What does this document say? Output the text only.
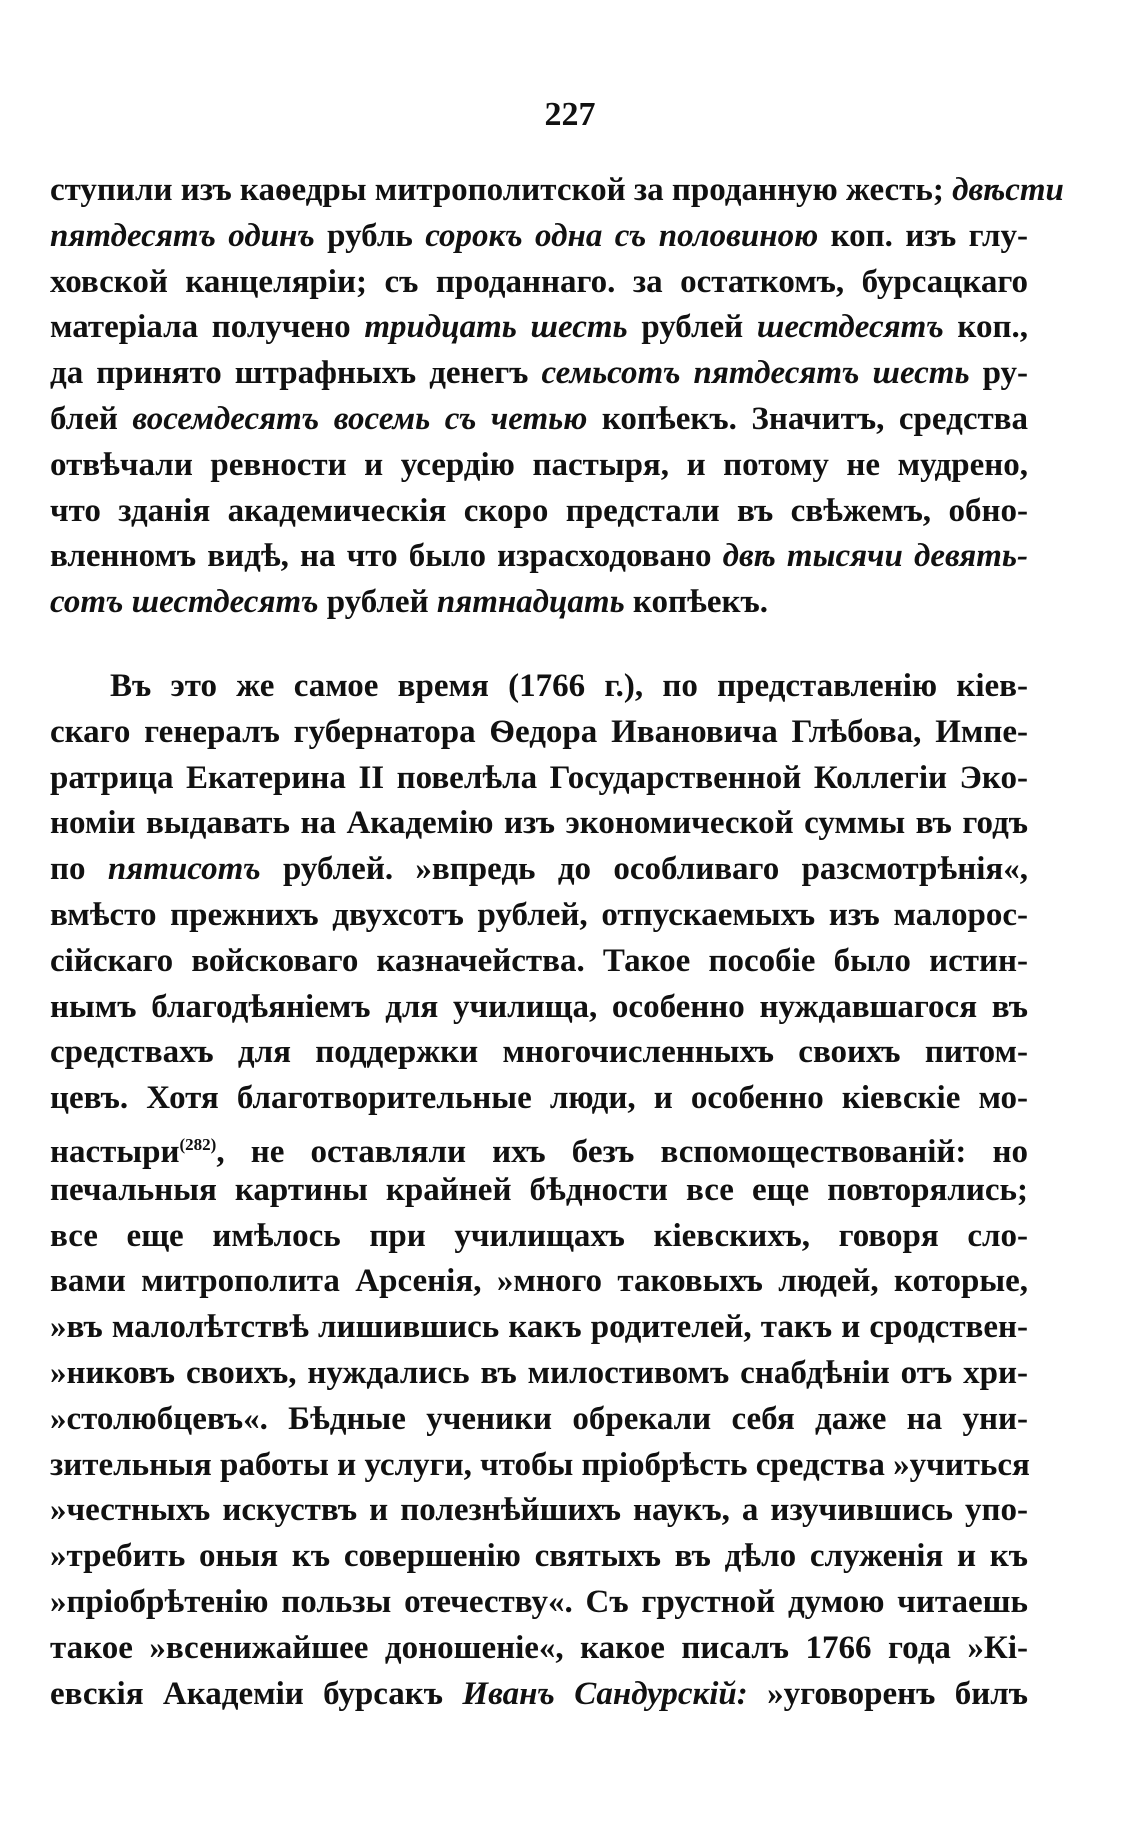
227
ступили изъ каѳедры митрополитской за проданную жесть; двѣсти
пятдесятъ одинъ рубль сорокъ одна съ половиною коп. изъ глу-
ховской канцеляріи; съ проданнаго. за остаткомъ, бурсацкаго
матеріала получено тридцать шесть рублей шестдесятъ коп.,
да принято штрафныхъ денегъ семьсотъ пятдесятъ шесть ру-
блей восемдесятъ восемь съ четью копѣекъ. Значитъ, средства
отвѣчали ревности и усердію пастыря, и потому не мудрено,
что зданія академическія скоро предстали въ свѣжемъ, обно-
вленномъ видѣ, на что было израсходовано двѣ тысячи девять-
сотъ шестдесятъ рублей пятнадцать копѣекъ.
Въ это же самое время (1766 г.), по представленію кiев-
скаго генералъ губернатора Ѳедора Ивановича Глѣбова, Импе-
ратрица Екатерина II повелѣла Государственной Коллегіи Эко-
номіи выдавать на Академію изъ экономической суммы въ годъ
по пятисотъ рублей. »впредь до особливаго разсмотрѣнія«,
вмѣсто прежнихъ двухсотъ рублей, отпускаемыхъ изъ малорос-
сійскаго войсковаго казначейства. Такое пособіе было истин-
нымъ благодѣяніемъ для училища, особенно нуждавшагося въ
средствахъ для поддержки многочисленныхъ своихъ питом-
цевъ. Хотя благотворительные люди, и особенно кiевскіе мо-
настыри$^{(282)}$, не оставляли ихъ безъ вспомоществованій: но
печальныя картины крайней бѣдности все еще повторялись;
все еще имѣлось при училищахъ кiевскихъ, говоря сло-
вами митрополита Арсенія, »много таковыхъ людей, которые,
»въ малолѣтствѣ лишившись какъ родителей, такъ и сродствен-
»никовъ своихъ, нуждались въ милостивомъ снабдѣніи отъ хри-
»столюбцевъ«. Бѣдные ученики обрекали себя даже на уни-
зительныя работы и услуги, чтобы пріобрѣсть средства »учиться
»честныхъ искуствъ и полезнѣйшихъ наукъ, а изучившись упо-
»требить оныя къ совершенію святыхъ въ дѣло служенія и къ
»пріобрѣтенію пользы отечеству«. Съ грустной думою читаешь
такое »всенижайшее доношеніе«, какое писалъ 1766 года »Кі-
евскія Академіи бурсакъ Иванъ Сандурскій: »уговоренъ билъ
